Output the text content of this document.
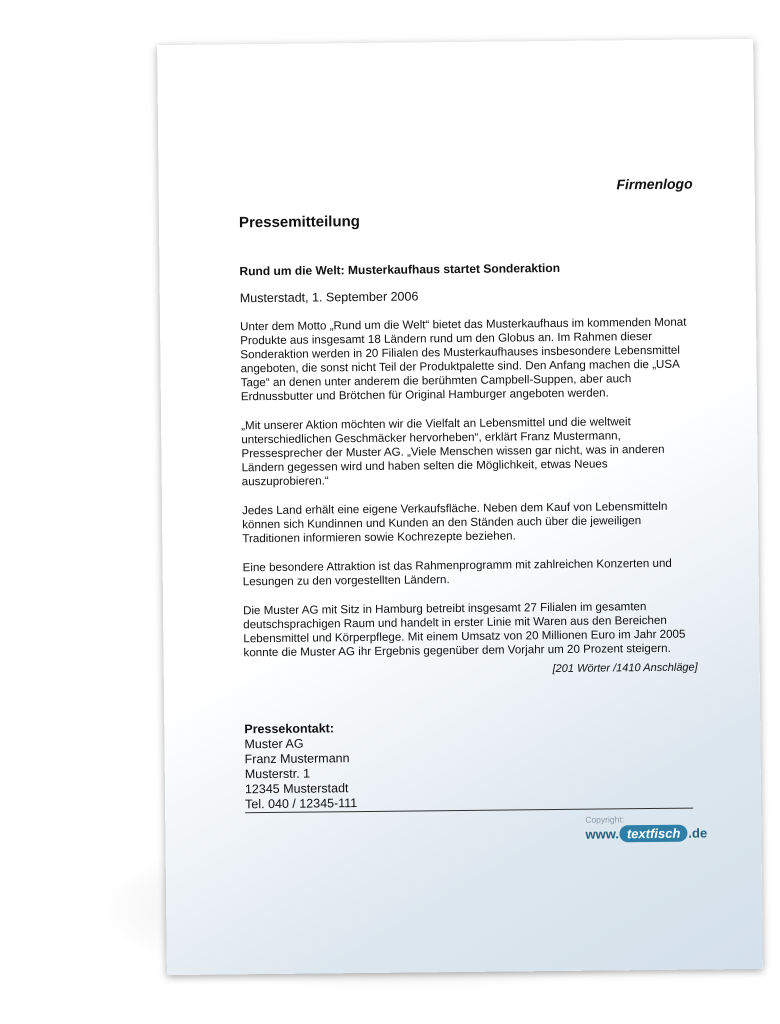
Firmenlogo
Pressemitteilung
Rund um die Welt: Musterkaufhaus startet Sonderaktion
Musterstadt, 1. September 2006

Unter dem Motto „Rund um die Welt“ bietet das Musterkaufhaus im kommenden Monat Produkte aus insgesamt 18 Ländern rund um den Globus an. Im Rahmen dieser Sonderaktion werden in 20 Filialen des Musterkaufhauses insbesondere Lebensmittel angeboten, die sonst nicht Teil der Produktpalette sind. Den Anfang machen die „USA Tage“ an denen unter anderem die berühmten Campbell-Suppen, aber auch Erdnussbutter und Brötchen für Original Hamburger angeboten werden.

„Mit unserer Aktion möchten wir die Vielfalt an Lebensmittel und die weltweit unterschiedlichen Geschmäcker hervorheben“, erklärt Franz Mustermann, Pressesprecher der Muster AG. „Viele Menschen wissen gar nicht, was in anderen Ländern gegessen wird und haben selten die Möglichkeit, etwas Neues auszuprobieren.“

Jedes Land erhält eine eigene Verkaufsfläche. Neben dem Kauf von Lebensmitteln können sich Kundinnen und Kunden an den Ständen auch über die jeweiligen Traditionen informieren sowie Kochrezepte beziehen.

Eine besondere Attraktion ist das Rahmenprogramm mit zahlreichen Konzerten und Lesungen zu den vorgestellten Ländern.

Die Muster AG mit Sitz in Hamburg betreibt insgesamt 27 Filialen im gesamten deutschsprachigen Raum und handelt in erster Linie mit Waren aus den Bereichen Lebensmittel und Körperpflege. Mit einem Umsatz von 20 Millionen Euro im Jahr 2005 konnte die Muster AG ihr Ergebnis gegenüber dem Vorjahr um 20 Prozent steigern.

[201 Wörter /1410 Anschläge]
Pressekontakt:
Muster AG
Franz Mustermann
Musterstr. 1
12345 Musterstadt
Tel. 040 / 12345-111
Copyright:
www. textfisch .de
